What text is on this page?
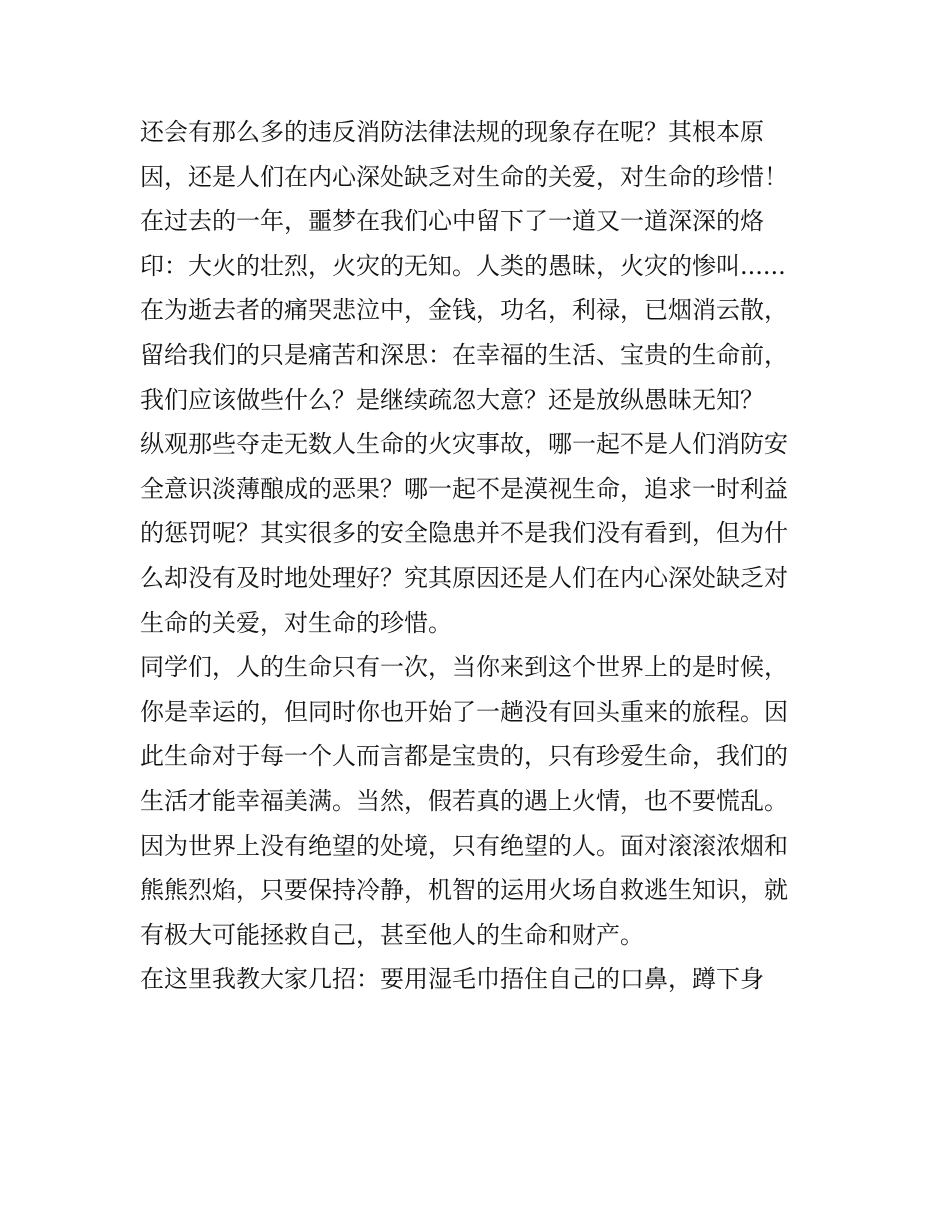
还会有那么多的违反消防法律法规的现象存在呢？其根本原
因，还是人们在内心深处缺乏对生命的关爱，对生命的珍惜！
在过去的一年，噩梦在我们心中留下了一道又一道深深的烙
印：大火的壮烈，火灾的无知。人类的愚昧，火灾的惨叫......
在为逝去者的痛哭悲泣中，金钱，功名，利禄，已烟消云散，
留给我们的只是痛苦和深思：在幸福的生活、宝贵的生命前，
我们应该做些什么？是继续疏忽大意？还是放纵愚昧无知？
纵观那些夺走无数人生命的火灾事故，哪一起不是人们消防安
全意识淡薄酿成的恶果？哪一起不是漠视生命，追求一时利益
的惩罚呢？其实很多的安全隐患并不是我们没有看到，但为什
么却没有及时地处理好？究其原因还是人们在内心深处缺乏对
生命的关爱，对生命的珍惜。
同学们，人的生命只有一次，当你来到这个世界上的是时候，
你是幸运的，但同时你也开始了一趟没有回头重来的旅程。因
此生命对于每一个人而言都是宝贵的，只有珍爱生命，我们的
生活才能幸福美满。当然，假若真的遇上火情，也不要慌乱。
因为世界上没有绝望的处境，只有绝望的人。面对滚滚浓烟和
熊熊烈焰，只要保持冷静，机智的运用火场自救逃生知识，就
有极大可能拯救自己，甚至他人的生命和财产。
在这里我教大家几招：要用湿毛巾捂住自己的口鼻，蹲下身
